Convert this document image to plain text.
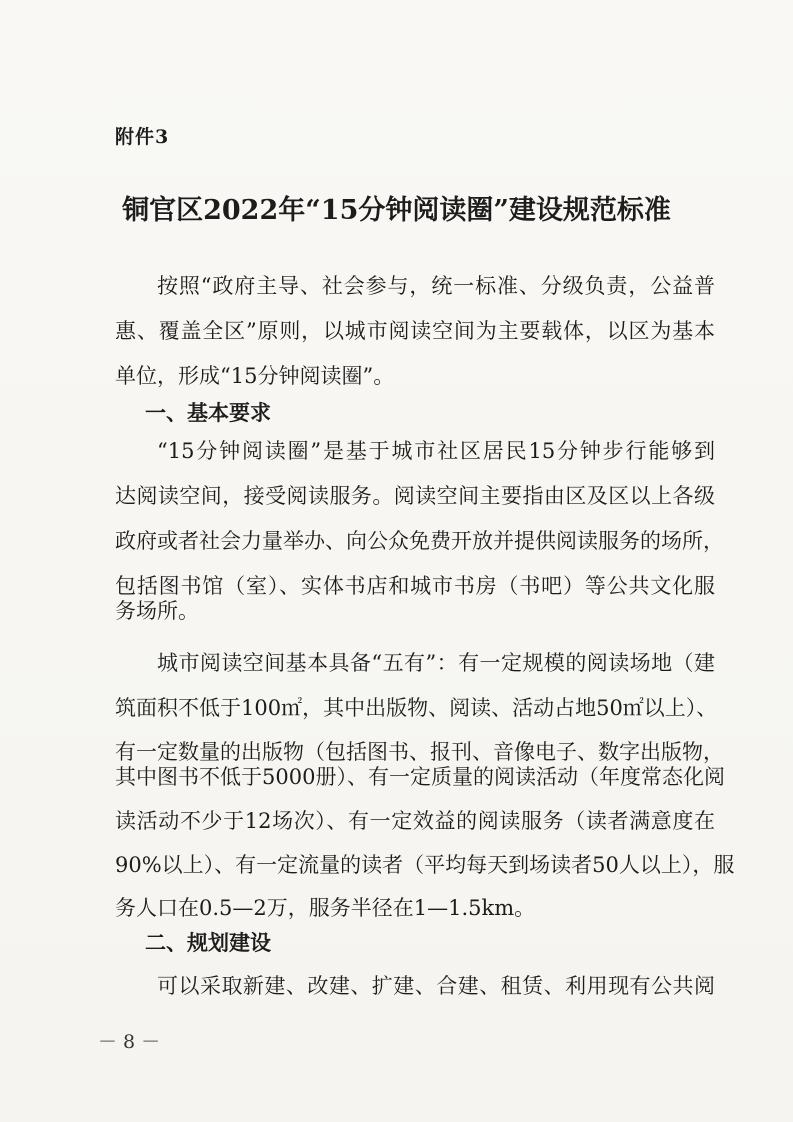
附件3
铜官区2022年“15分钟阅读圈”建设规范标准
按照“政府主导、社会参与，统一标准、分级负责，公益普
惠、覆盖全区”原则，以城市阅读空间为主要载体，以区为基本
单位，形成“15分钟阅读圈”。
一、基本要求
“15分钟阅读圈”是基于城市社区居民15分钟步行能够到
达阅读空间，接受阅读服务。阅读空间主要指由区及区以上各级
政府或者社会力量举办、向公众免费开放并提供阅读服务的场所，
包括图书馆（室）、实体书店和城市书房（书吧）等公共文化服
务场所。
城市阅读空间基本具备“五有”：有一定规模的阅读场地（建
筑面积不低于100㎡，其中出版物、阅读、活动占地50㎡以上）、
有一定数量的出版物（包括图书、报刊、音像电子、数字出版物，
其中图书不低于5000册）、有一定质量的阅读活动（年度常态化阅
读活动不少于12场次）、有一定效益的阅读服务（读者满意度在
90%以上）、有一定流量的读者（平均每天到场读者50人以上），服
务人口在0.5—2万，服务半径在1—1.5km。
二、规划建设
可以采取新建、改建、扩建、合建、租赁、利用现有公共阅
－ 8 －
